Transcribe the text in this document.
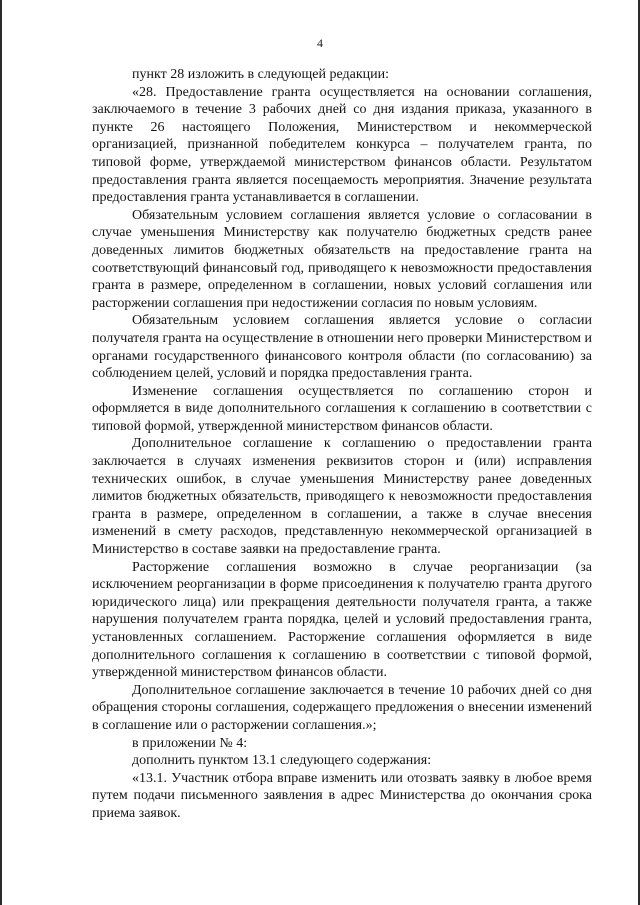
4

пункт 28 изложить в следующей редакции:

«28. Предоставление гранта осуществляется на основании соглашения, заключаемого в течение 3 рабочих дней со дня издания приказа, указанного в пункте 26 настоящего Положения, Министерством и некоммерческой организацией, признанной победителем конкурса – получателем гранта, по типовой форме, утверждаемой министерством финансов области. Результатом предоставления гранта является посещаемость мероприятия. Значение результата предоставления гранта устанавливается в соглашении.

Обязательным условием соглашения является условие о согласовании в случае уменьшения Министерству как получателю бюджетных средств ранее доведенных лимитов бюджетных обязательств на предоставление гранта на соответствующий финансовый год, приводящего к невозможности предоставления гранта в размере, определенном в соглашении, новых условий соглашения или расторжении соглашения при недостижении согласия по новым условиям.

Обязательным условием соглашения является условие о согласии получателя гранта на осуществление в отношении него проверки Министерством и органами государственного финансового контроля области (по согласованию) за соблюдением целей, условий и порядка предоставления гранта.

Изменение соглашения осуществляется по соглашению сторон и оформляется в виде дополнительного соглашения к соглашению в соответствии с типовой формой, утвержденной министерством финансов области.

Дополнительное соглашение к соглашению о предоставлении гранта заключается в случаях изменения реквизитов сторон и (или) исправления технических ошибок, в случае уменьшения Министерству ранее доведенных лимитов бюджетных обязательств, приводящего к невозможности предоставления гранта в размере, определенном в соглашении, а также в случае внесения изменений в смету расходов, представленную некоммерческой организацией в Министерство в составе заявки на предоставление гранта.

Расторжение соглашения возможно в случае реорганизации (за исключением реорганизации в форме присоединения к получателю гранта другого юридического лица) или прекращения деятельности получателя гранта, а также нарушения получателем гранта порядка, целей и условий предоставления гранта, установленных соглашением. Расторжение соглашения оформляется в виде дополнительного соглашения к соглашению в соответствии с типовой формой, утвержденной министерством финансов области.

Дополнительное соглашение заключается в течение 10 рабочих дней со дня обращения стороны соглашения, содержащего предложения о внесении изменений в соглашение или о расторжении соглашения.»;

в приложении № 4:

дополнить пунктом 13.1 следующего содержания:

«13.1. Участник отбора вправе изменить или отозвать заявку в любое время путем подачи письменного заявления в адрес Министерства до окончания срока приема заявок.
